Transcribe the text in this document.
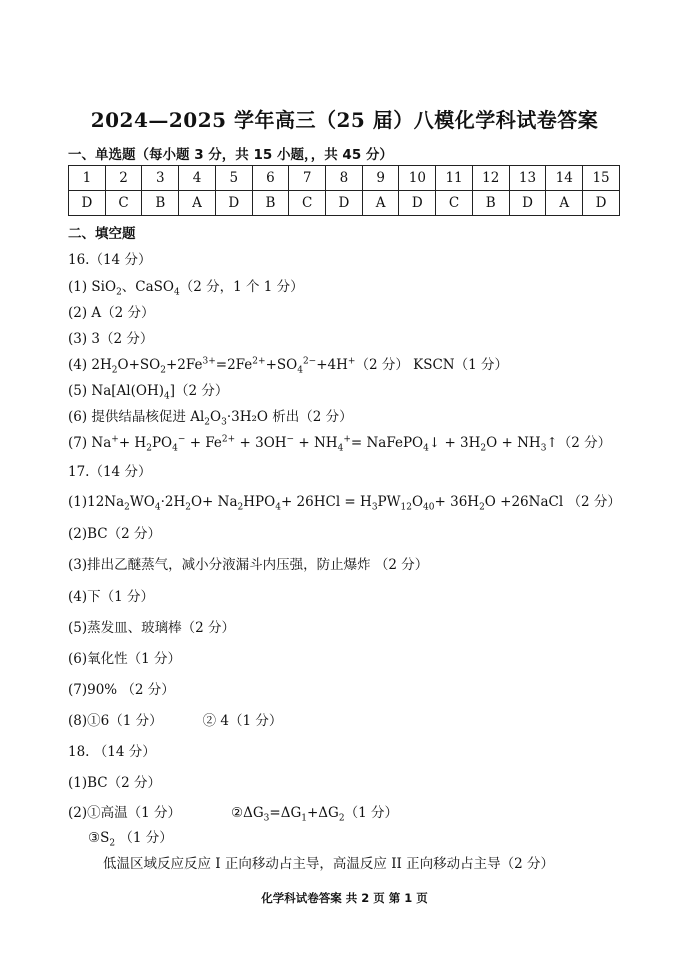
2024—2025 学年高三（25 届）八模化学科试卷答案
一、单选题（每小题 3 分，共 15 小题，，共 45 分）
1	2	3	4	5	6	7	8	9	10	11	12	13	14	15
D	C	B	A	D	B	C	D	A	D	C	B	D	A	D
二、填空题
16.（14 分）
(1) SiO$_2$、CaSO$_4$（2 分，1 个 1 分）
(2) A（2 分）
(3) 3（2 分）
(4) $2H_2O+SO_2+2Fe^{3+}=2Fe^{2+}+SO_4^{2-}+4H^+(2$ 分） KSCN（1 分）
(5) $Na[Al(OH)_4](2$ 分）
(6) 提供结晶核促进 $Al_2O_3\cdot 3H_2O$ 析出（2 分）
(7) $Na^++ H_2PO_4^- + Fe^{2+} + 3OH^- + NH_4^+=$ NaFePO$_4$↓ + $3H_2O$ + $NH_3↑(2$ 分）
17.（14 分）
$(1)12Na_2WO_4\cdot 2H_2O+ Na_2HPO_4+ 26HCl = H_3PW_{12}O_{40}+ 36H_2O$ +26NaCl （2 分）
(2)BC（2 分）
(3)排出乙醚蒸气，减小分液漏斗内压强，防止爆炸 （2 分）
(4)下（1 分）
(5)蒸发皿、玻璃棒（2 分）
(6)氧化性（1 分）
(7)90% （2 分）
(8)①6（1 分）	② 4（1 分）
18. （14 分）
(1)BC（2 分）
(2)①高温（1 分）	$②\Delta G_3=\Delta G_1+\Delta G_2(1$ 分）
$③S_2$ （1 分）
低温区域反应反应 I 正向移动占主导，高温反应 II 正向移动占主导（2 分）
化学科试卷答案 共 2 页 第 1 页
